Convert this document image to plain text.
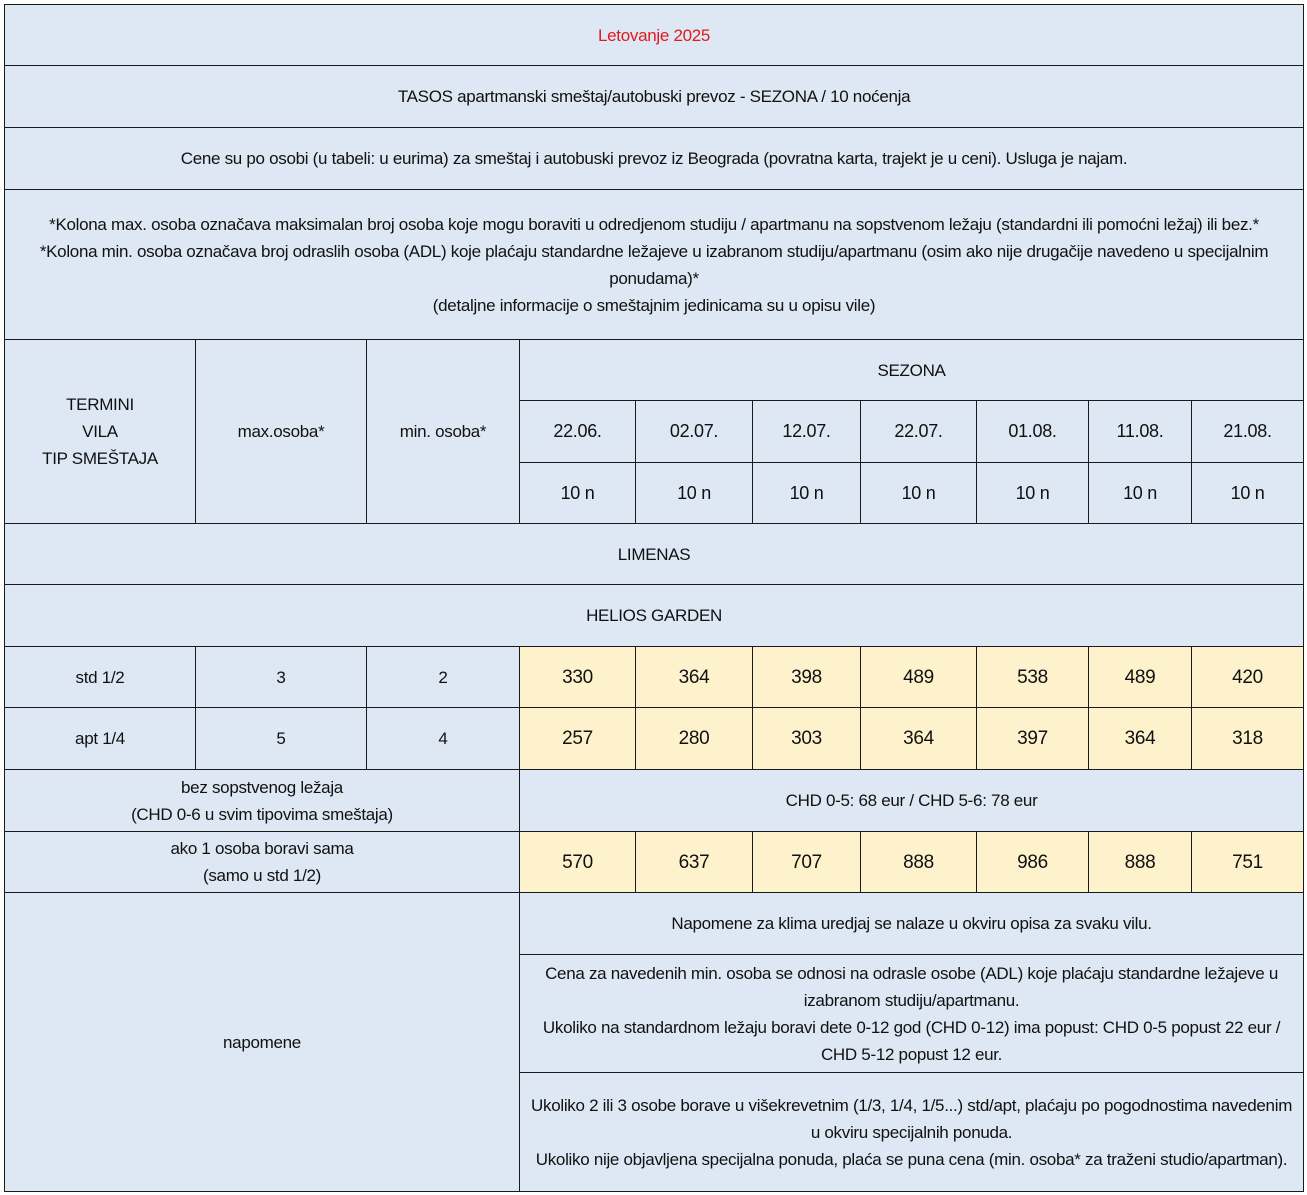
Letovanje 2025									
TASOS apartmanski smeštaj/autobuski prevoz - SEZONA / 10 noćenja									
Cene su po osobi (u tabeli: u eurima) za smeštaj i autobuski prevoz iz Beograda (povratna karta, trajekt je u ceni). Usluga je najam.									

*Kolona max. osoba označava maksimalan broj osoba koje mogu boraviti u odredjenom studiju / apartmanu na sopstvenom ležaju (standardni ili pomoćni ležaj) ili bez.*
*Kolona min. osoba označava broj odraslih osoba (ADL) koje plaćaju standardne ležajeve u izabranom studiju/apartmanu (osim ako nije drugačije navedeno u specijalnim ponudama)*
(detaljne informacije o smeštajnim jedinicama su u opisu vile)									

TERMINI
VILA
TIP SMEŠTAJA	max.osoba*	min. osoba*	SEZONA						
			22.06.	02.07.	12.07.	22.07.	01.08.	11.08.	21.08.
			10 n	10 n	10 n	10 n	10 n	10 n	10 n
LIMENAS									
HELIOS GARDEN									
std 1/2	3	2	330	364	398	489	538	489	420
apt 1/4	5	4	257	280	303	364	397	364	318

bez sopstvenog ležaja
(CHD 0-6 u svim tipovima smeštaja)			CHD 0-5: 68 eur / CHD 5-6: 78 eur						

ako 1 osoba boravi sama
(samo u std 1/2)			570	637	707	888	986	888	751
napomene			Napomene za klima uredjaj se nalaze u okviru opisa za svaku vilu.						

			Cena za navedenih min. osoba se odnosi na odrasle osobe (ADL) koje plaćaju standardne ležajeve u izabranom studiju/apartmanu.
Ukoliko na standardnom ležaju boravi dete 0-12 god (CHD 0-12) ima popust: CHD 0-5 popust 22 eur / CHD 5-12 popust 12 eur.						

			Ukoliko 2 ili 3 osobe borave u višekrevetnim (1/3, 1/4, 1/5...) std/apt, plaćaju po pogodnostima navedenim u okviru specijalnih ponuda.
Ukoliko nije objavljena specijalna ponuda, plaća se puna cena (min. osoba* za traženi studio/apartman).						
